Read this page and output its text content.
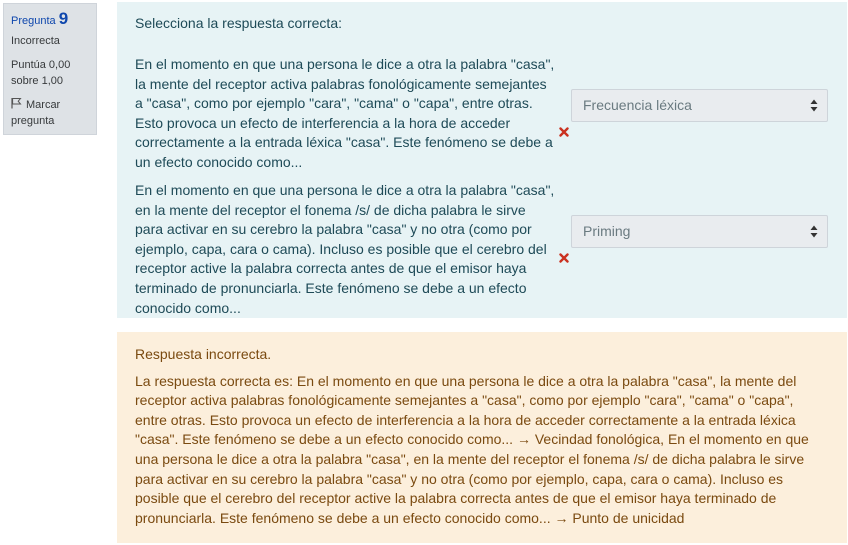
Pregunta 9
Incorrecta
Puntúa 0,00
sobre 1,00
Marcar
pregunta
Selecciona la respuesta correcta:
En el momento en que una persona le dice a otra la palabra "casa", la mente del receptor activa palabras fonológicamente semejantes a "casa", como por ejemplo "cara", "cama" o "capa", entre otras. Esto provoca un efecto de interferencia a la hora de acceder correctamente a la entrada léxica "casa". Este fenómeno se debe a un efecto conocido como...
Frecuencia léxica
En el momento en que una persona le dice a otra la palabra "casa", en la mente del receptor el fonema /s/ de dicha palabra le sirve para activar en su cerebro la palabra "casa" y no otra (como por ejemplo, capa, cara o cama). Incluso es posible que el cerebro del receptor active la palabra correcta antes de que el emisor haya terminado de pronunciarla. Este fenómeno se debe a un efecto conocido como...
Priming
Respuesta incorrecta.
La respuesta correcta es: En el momento en que una persona le dice a otra la palabra "casa", la mente del receptor activa palabras fonológicamente semejantes a "casa", como por ejemplo "cara", "cama" o "capa", entre otras. Esto provoca un efecto de interferencia a la hora de acceder correctamente a la entrada léxica "casa". Este fenómeno se debe a un efecto conocido como... → Vecindad fonológica, En el momento en que una persona le dice a otra la palabra "casa", en la mente del receptor el fonema /s/ de dicha palabra le sirve para activar en su cerebro la palabra "casa" y no otra (como por ejemplo, capa, cara o cama). Incluso es posible que el cerebro del receptor active la palabra correcta antes de que el emisor haya terminado de pronunciarla. Este fenómeno se debe a un efecto conocido como... → Punto de unicidad
